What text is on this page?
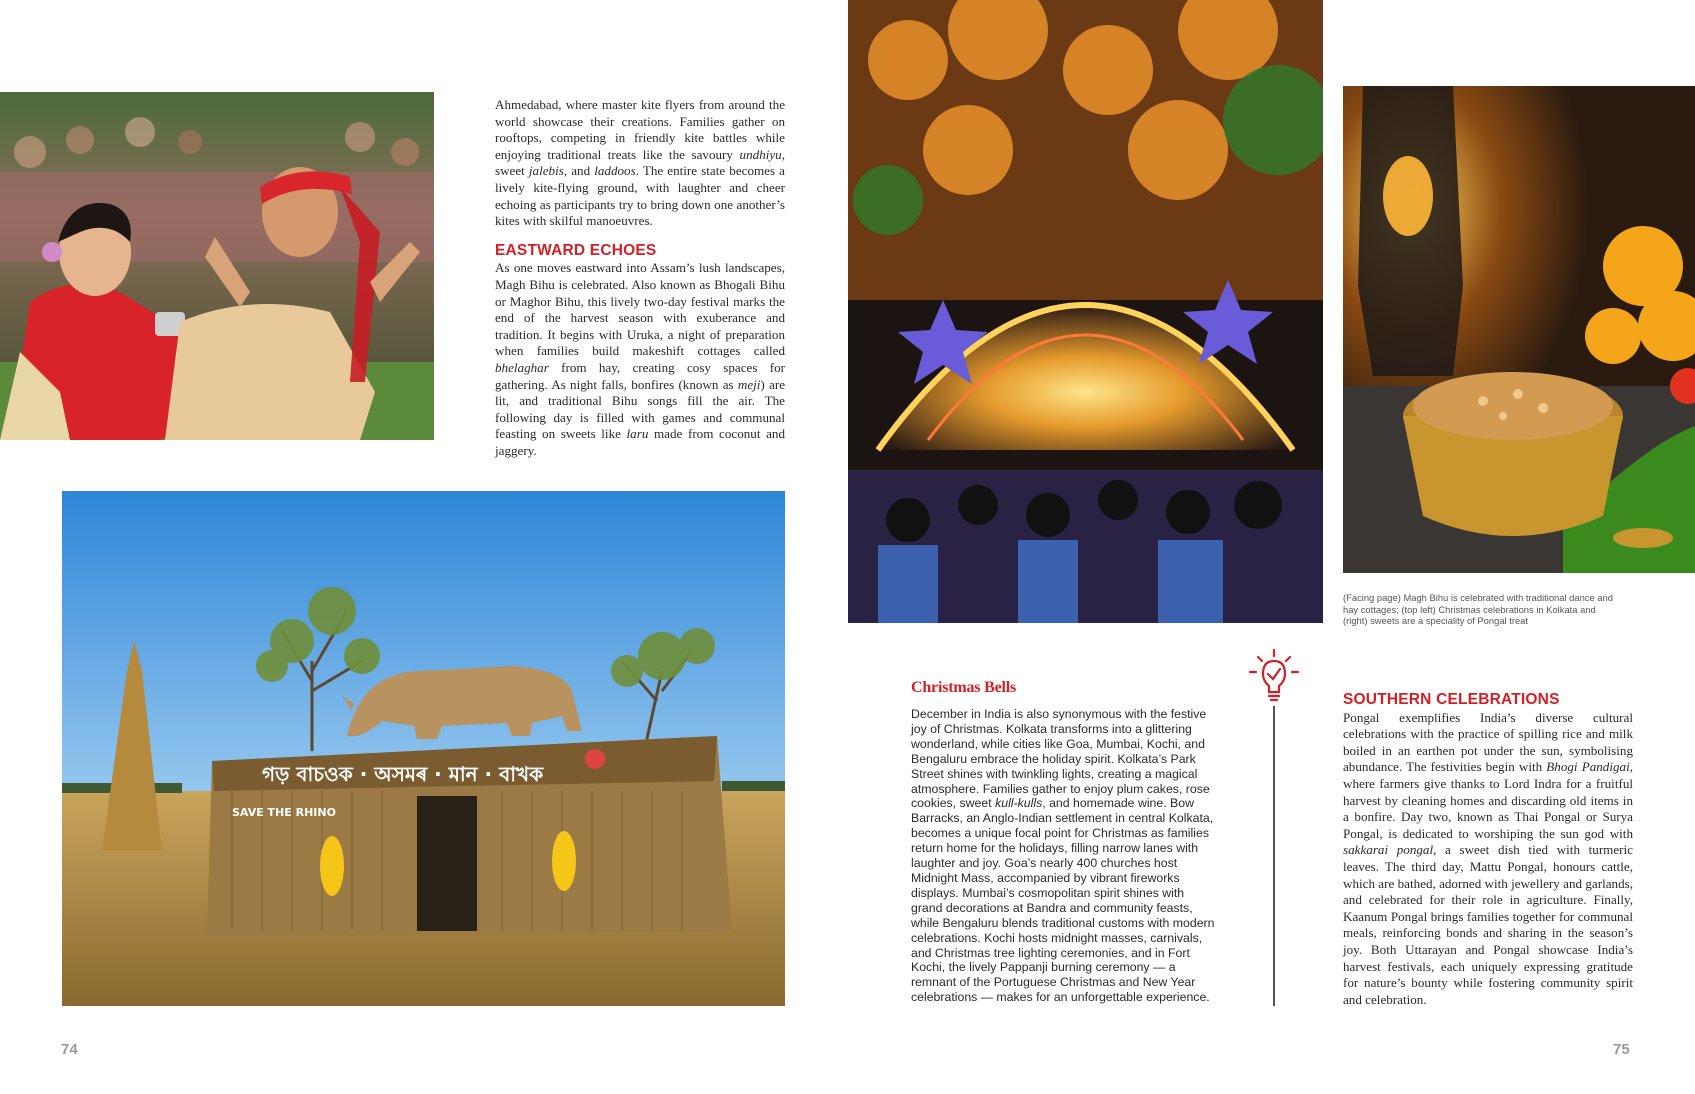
Ahmedabad, where master kite flyers from around the world showcase their creations. Families gather on rooftops, competing in friendly kite battles while enjoying traditional treats like the savoury undhiyu, sweet jalebis, and laddoos. The entire state becomes a lively kite-flying ground, with laughter and cheer echoing as participants try to bring down one another’s kites with skilful manoeuvres.

EASTWARD ECHOES

As one moves eastward into Assam’s lush landscapes, Magh Bihu is celebrated. Also known as Bhogali Bihu or Maghor Bihu, this lively two-day festival marks the end of the harvest season with exuberance and tradition. It begins with Uruka, a night of preparation when families build makeshift cottages called bhelaghar from hay, creating cosy spaces for gathering. As night falls, bonfires (known as meji) are lit, and traditional Bihu songs fill the air. The following day is filled with games and communal feasting on sweets like laru made from coconut and jaggery.

গড় বাচওক · অসমৰ · মান · বাখক
SAVE THE RHINO
74
(Facing page) Magh Bihu is celebrated with traditional dance and hay cottages; (top left) Christmas celebrations in Kolkata and (right) sweets are a speciality of Pongal treat
Christmas Bells

December in India is also synonymous with the festive joy of Christmas. Kolkata transforms into a glittering wonderland, while cities like Goa, Mumbai, Kochi, and Bengaluru embrace the holiday spirit. Kolkata’s Park Street shines with twinkling lights, creating a magical atmosphere. Families gather to enjoy plum cakes, rose cookies, sweet kull-kulls, and homemade wine. Bow Barracks, an Anglo-Indian settlement in central Kolkata, becomes a unique focal point for Christmas as families return home for the holidays, filling narrow lanes with laughter and joy. Goa’s nearly 400 churches host Midnight Mass, accompanied by vibrant fireworks displays. Mumbai’s cosmopolitan spirit shines with grand decorations at Bandra and community feasts, while Bengaluru blends traditional customs with modern celebrations. Kochi hosts midnight masses, carnivals, and Christmas tree lighting ceremonies, and in Fort Kochi, the lively Pappanji burning ceremony — a remnant of the Portuguese Christmas and New Year celebrations — makes for an unforgettable experience.

SOUTHERN CELEBRATIONS

Pongal exemplifies India’s diverse cultural celebrations with the practice of spilling rice and milk boiled in an earthen pot under the sun, symbolising abundance. The festivities begin with Bhogi Pandigai, where farmers give thanks to Lord Indra for a fruitful harvest by cleaning homes and discarding old items in a bonfire. Day two, known as Thai Pongal or Surya Pongal, is dedicated to worshiping the sun god with sakkarai pongal, a sweet dish tied with turmeric leaves. The third day, Mattu Pongal, honours cattle, which are bathed, adorned with jewellery and garlands, and celebrated for their role in agriculture. Finally, Kaanum Pongal brings families together for communal meals, reinforcing bonds and sharing in the season’s joy. Both Uttarayan and Pongal showcase India’s harvest festivals, each uniquely expressing gratitude for nature’s bounty while fostering community spirit and celebration.

75
